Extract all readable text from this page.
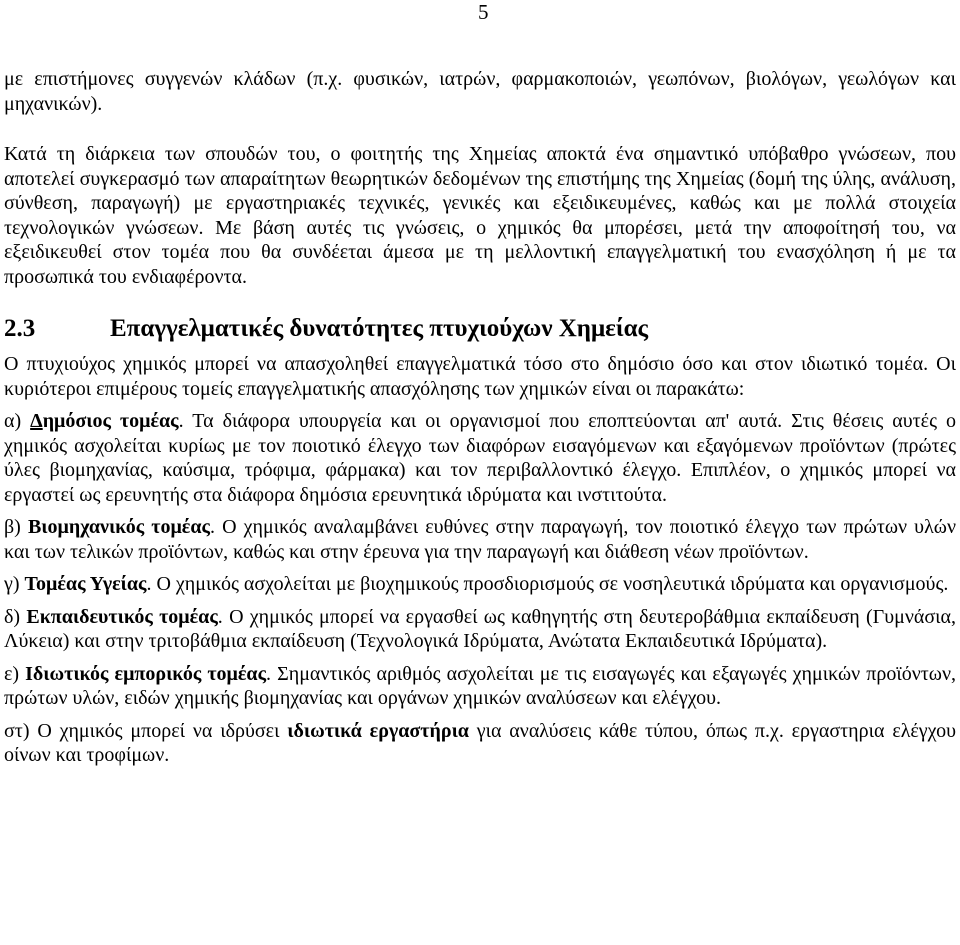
5

με επιστήμονες συγγενών κλάδων (π.χ. φυσικών, ιατρών, φαρμακοποιών, γεωπόνων, βιολόγων, γεωλόγων και μηχανικών).

Κατά τη διάρκεια των σπουδών του, ο φοιτητής της Χημείας αποκτά ένα σημαντικό υπόβαθρο γνώσεων, που αποτελεί συγκερασμό των απαραίτητων θεωρητικών δεδομένων της επιστήμης της Χημείας (δομή της ύλης, ανάλυση, σύνθεση, παραγωγή) με εργαστηριακές τεχνικές, γενικές και εξειδικευμένες, καθώς και με πολλά στοιχεία τεχνολογικών γνώσεων. Με βάση αυτές τις γνώσεις, ο χημικός θα μπορέσει, μετά την αποφοίτησή του, να εξειδικευθεί στον τομέα που θα συνδέεται άμεσα με τη μελλοντική επαγγελματική του ενασχόληση ή με τα προσωπικά του ενδιαφέροντα.

2.3	Επαγγελματικές δυνατότητες πτυχιούχων Χημείας

Ο πτυχιούχος χημικός μπορεί να απασχοληθεί επαγγελματικά τόσο στο δημόσιο όσο και στον ιδιωτικό τομέα. Οι κυριότεροι επιμέρους τομείς επαγγελματικής απασχόλησης των χημικών είναι οι παρακάτω:

α) Δημόσιος τομέας. Τα διάφορα υπουργεία και οι οργανισμοί που εποπτεύονται απ' αυτά. Στις θέσεις αυτές ο χημικός ασχολείται κυρίως με τον ποιοτικό έλεγχο των διαφόρων εισαγόμενων και εξαγόμενων προϊόντων (πρώτες ύλες βιομηχανίας, καύσιμα, τρόφιμα, φάρμακα) και τον περιβαλλοντικό έλεγχο. Επιπλέον, ο χημικός μπορεί να εργαστεί ως ερευνητής στα διάφορα δημόσια ερευνητικά ιδρύματα και ινστιτούτα.

β) Βιομηχανικός τομέας. Ο χημικός αναλαμβάνει ευθύνες στην παραγωγή, τον ποιοτικό έλεγχο των πρώτων υλών και των τελικών προϊόντων, καθώς και στην έρευνα για την παραγωγή και διάθεση νέων προϊόντων.

γ) Τομέας Υγείας. Ο χημικός ασχολείται με βιοχημικούς προσδιορισμούς σε νοσηλευτικά ιδρύματα και οργανισμούς.

δ) Εκπαιδευτικός τομέας. Ο χημικός μπορεί να εργασθεί ως καθηγητής στη δευτεροβάθμια εκπαίδευση (Γυμνάσια, Λύκεια) και στην τριτοβάθμια εκπαίδευση (Τεχνολογικά Ιδρύματα, Ανώτατα Εκπαιδευτικά Ιδρύματα).

ε) Ιδιωτικός εμπορικός τομέας. Σημαντικός αριθμός ασχολείται με τις εισαγωγές και εξαγωγές χημικών προϊόντων, πρώτων υλών, ειδών χημικής βιομηχανίας και οργάνων χημικών αναλύσεων και ελέγχου.

στ) Ο χημικός μπορεί να ιδρύσει ιδιωτικά εργαστήρια για αναλύσεις κάθε τύπου, όπως π.χ. εργαστηρια ελέγχου οίνων και τροφίμων.
